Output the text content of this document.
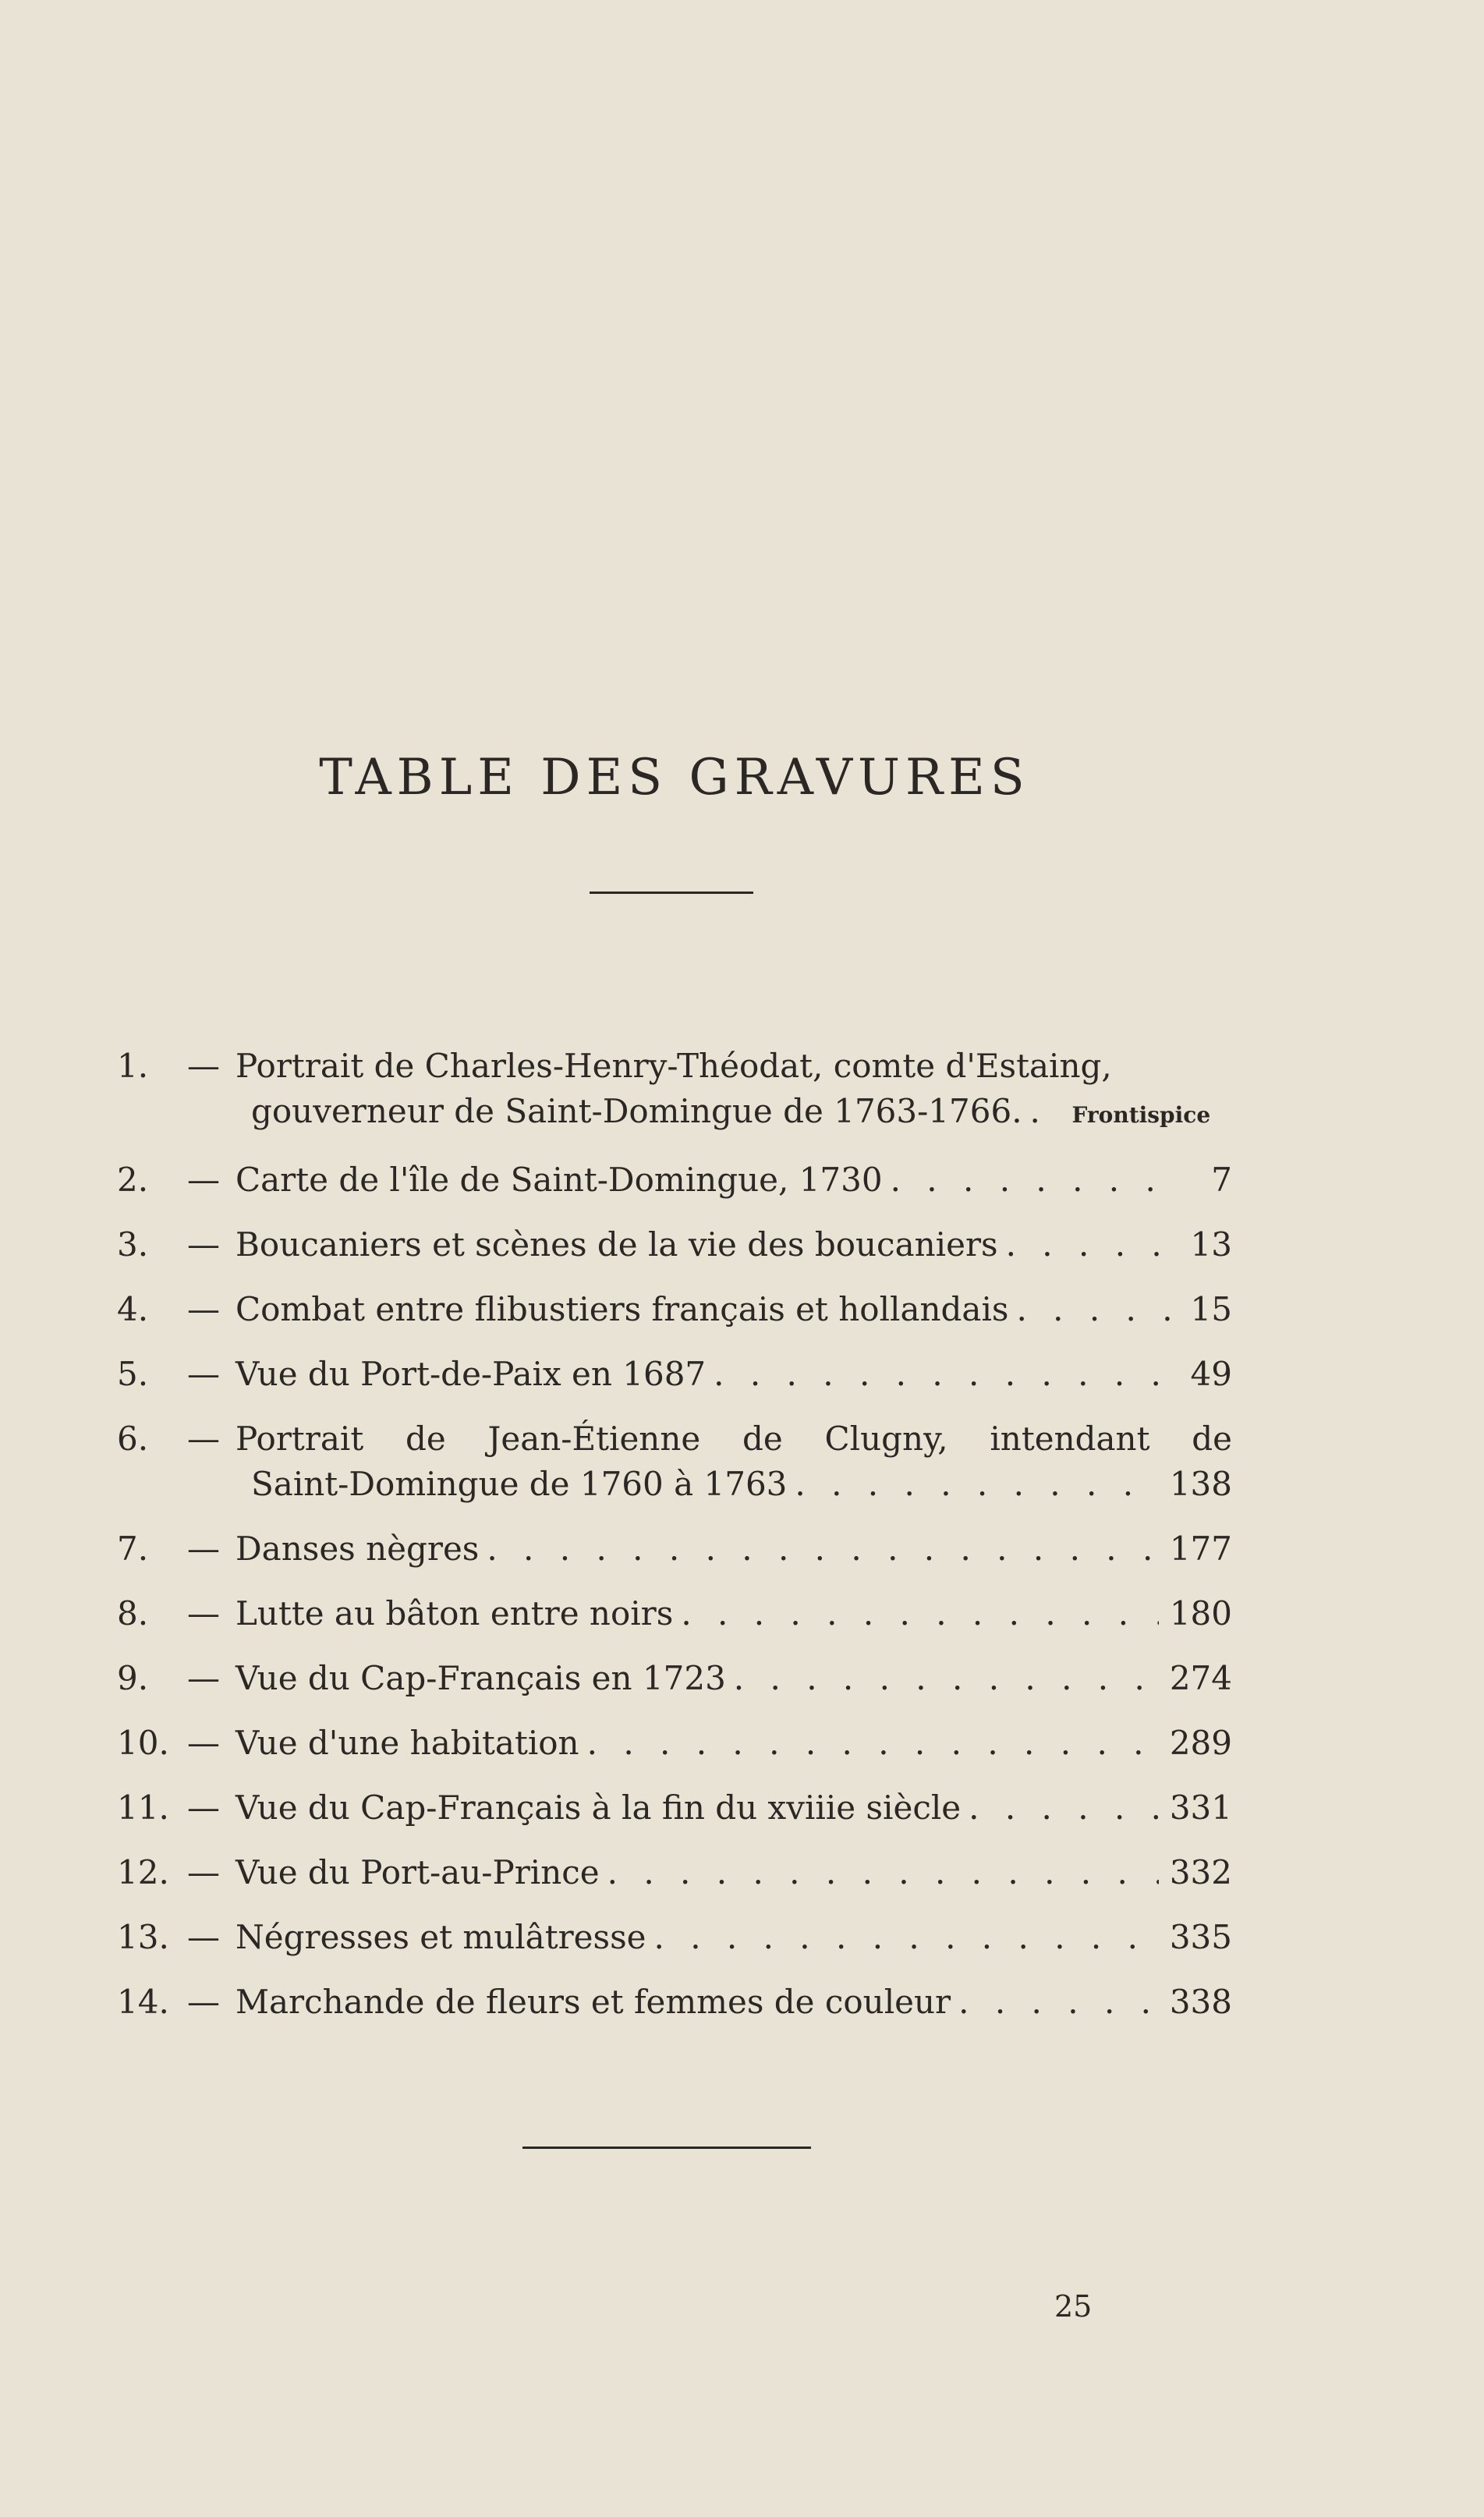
TABLE DES GRAVURES
1.	— Portrait de Charles-Henry-Théodat, comte d'Estaing,
gouverneur de Saint-Domingue de 1763-1766. . . .	Frontispice
2.	— Carte de l'île de Saint-Domingue, 1730 . . .	7
3.	— Boucaniers et scènes de la vie des boucaniers . . .	13
4.	— Combat entre flibustiers français et hollandais . . .	15
5.	— Vue du Port-de-Paix en 1687 . . .	49
6.	— Portrait de Jean-Étienne de Clugny, intendant de
Saint-Domingue de 1760 à 1763 . . .	138
7.	— Danses nègres . . .	177
8.	— Lutte au bâton entre noirs . . .	180
9.	— Vue du Cap-Français en 1723 . . .	274
10. — Vue d'une habitation . . .	289
11. — Vue du Cap-Français à la fin du xviiie siècle . . .	331
12. — Vue du Port-au-Prince . . .	332
13. — Négresses et mulâtresse . . .	335
14. — Marchande de fleurs et femmes de couleur . . .	338
25
